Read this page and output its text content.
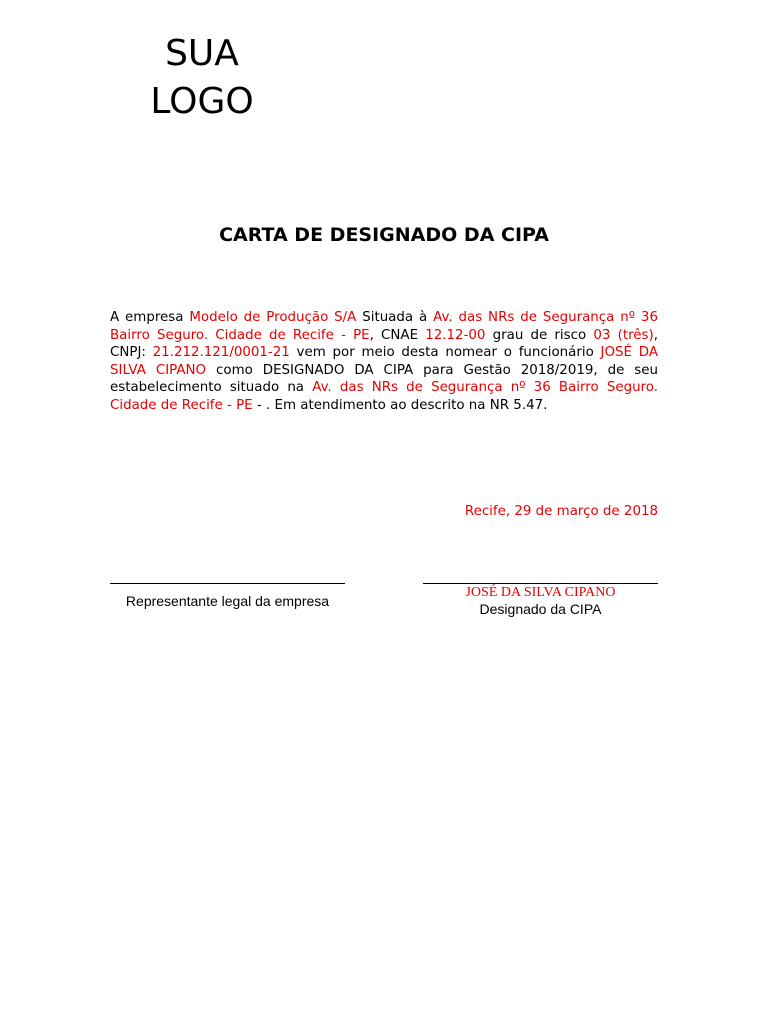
SUA
LOGO
CARTA DE DESIGNADO DA CIPA
A empresa Modelo de Produção S/A Situada à Av. das NRs de Segurança nº 36 Bairro Seguro. Cidade de Recife - PE, CNAE 12.12-00 grau de risco 03 (três), CNPJ: 21.212.121/0001-21 vem por meio desta nomear o funcionário JOSÉ DA SILVA CIPANO como DESIGNADO DA CIPA para Gestão 2018/2019, de seu estabelecimento situado na Av. das NRs de Segurança nº 36 Bairro Seguro. Cidade de Recife - PE - . Em atendimento ao descrito na NR 5.47.
Recife, 29 de março de 2018
Representante legal da empresa
JOSÉ DA SILVA CIPANO
Designado da CIPA
